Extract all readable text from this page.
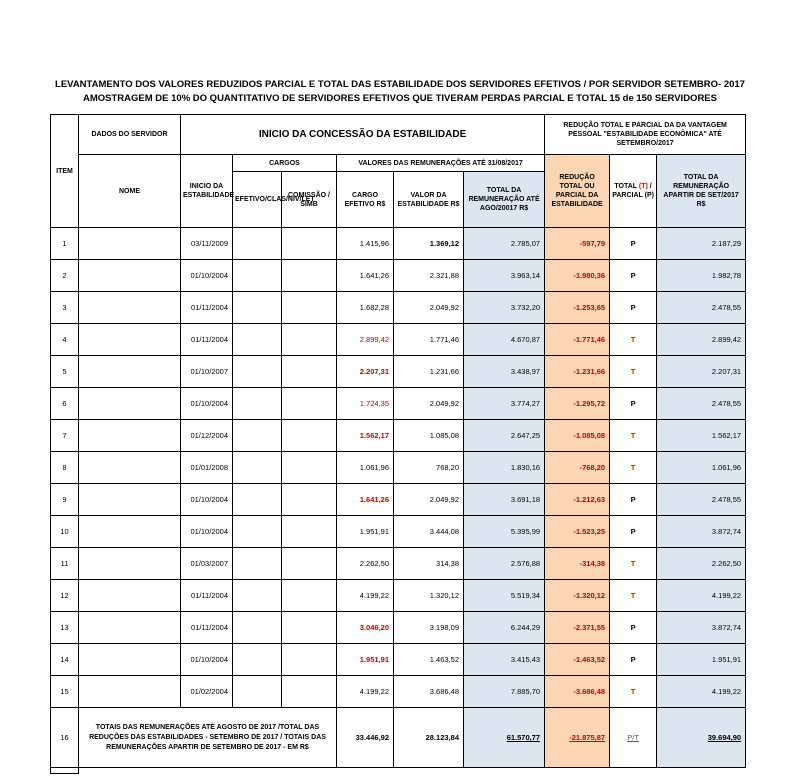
LEVANTAMENTO DOS VALORES REDUZIDOS PARCIAL E TOTAL DAS ESTABILIDADE DOS SERVIDORES EFETIVOS / POR SERVIDOR SETEMBRO- 2017
AMOSTRAGEM DE 10% DO QUANTITATIVO DE SERVIDORES EFETIVOS QUE TIVERAM PERDAS PARCIAL E TOTAL 15 de 150 SERVIDORES
ITEM	DADOS DO SERVIDOR	INICIO DA CONCESSÃO DA ESTABILIDADE						REDUÇÃO TOTAL E PARCIAL DA DA VANTAGEM PESSOAL "ESTABILIDADE ECONÔMICA" ATÉ SETEMBRO/2017		
	NOME	INICIO DA ESTABILIDADE	CARGOS		VALORES DAS REMUNERAÇÕES ATÉ 31/08/2017			REDUÇÃO TOTAL OU PARCIAL DA ESTABILIDADE	TOTAL (T) / PARCIAL (P)	TOTAL DA REMUNERAÇÃO APARTIR DE SET/2017 R$
			EFETIVO/CLAS/NIV/LET	COMISSÃO / SIMB	CARGO EFETIVO R$	VALOR DA ESTABILIDADE R$	TOTAL DA REMUNERAÇÃO ATÉ AGO/20017 R$			

1		03/11/2009			1.415,96	1.369,12	2.785,07	-597,79	P	2.187,29
2		01/10/2004			1.641,26	2.321,88	3.963,14	-1.980,36	P	1.982,78
3		01/11/2004			1.682,28	2.049,92	3.732,20	-1.253,65	P	2.478,55
4		01/11/2004			2.899,42	1.771,46	4.670,87	-1.771,46	T	2.899,42
5		01/10/2007			2.207,31	1.231,66	3.438,97	-1.231,66	T	2.207,31
6		01/10/2004			1.724,35	2.049,92	3.774,27	-1.295,72	P	2.478,55
7		01/12/2004			1.562,17	1.085,08	2.647,25	-1.085,08	T	1.562,17
8		01/01/2008			1.061,96	768,20	1.830,16	-768,20	T	1.061,96
9		01/10/2004			1.641,26	2.049,92	3.691,18	-1.212,63	P	2.478,55
10		01/10/2004			1.951,91	3.444,08	5.395,99	-1.523,25	P	3.872,74
11		01/03/2007			2.262,50	314,38	2.576,88	-314,38	T	2.262,50
12		01/11/2004			4.199,22	1.320,12	5.519,34	-1.320,12	T	4.199,22
13		01/11/2004			3.046,20	3.198,09	6.244,29	-2.371,55	P	3.872,74
14		01/10/2004			1.951,91	1.463,52	3.415,43	-1.463,52	P	1.951,91
15		01/02/2004			4.199,22	3.686,48	7.885,70	-3.686,48	T	4.199,22
16	TOTAIS DAS REMUNERAÇÕES ATÉ AGOSTO DE 2017 /TOTAL DAS REDUÇÕES DAS ESTABILIDADES - SETEMBRO DE 2017 / TOTAIS DAS REMUNERAÇÕES APARTIR DE SETEMBRO DE 2017 - EM R$				33.446,92	28.123,84	61.570,77	-21.875,87	P/T	39.694,90
